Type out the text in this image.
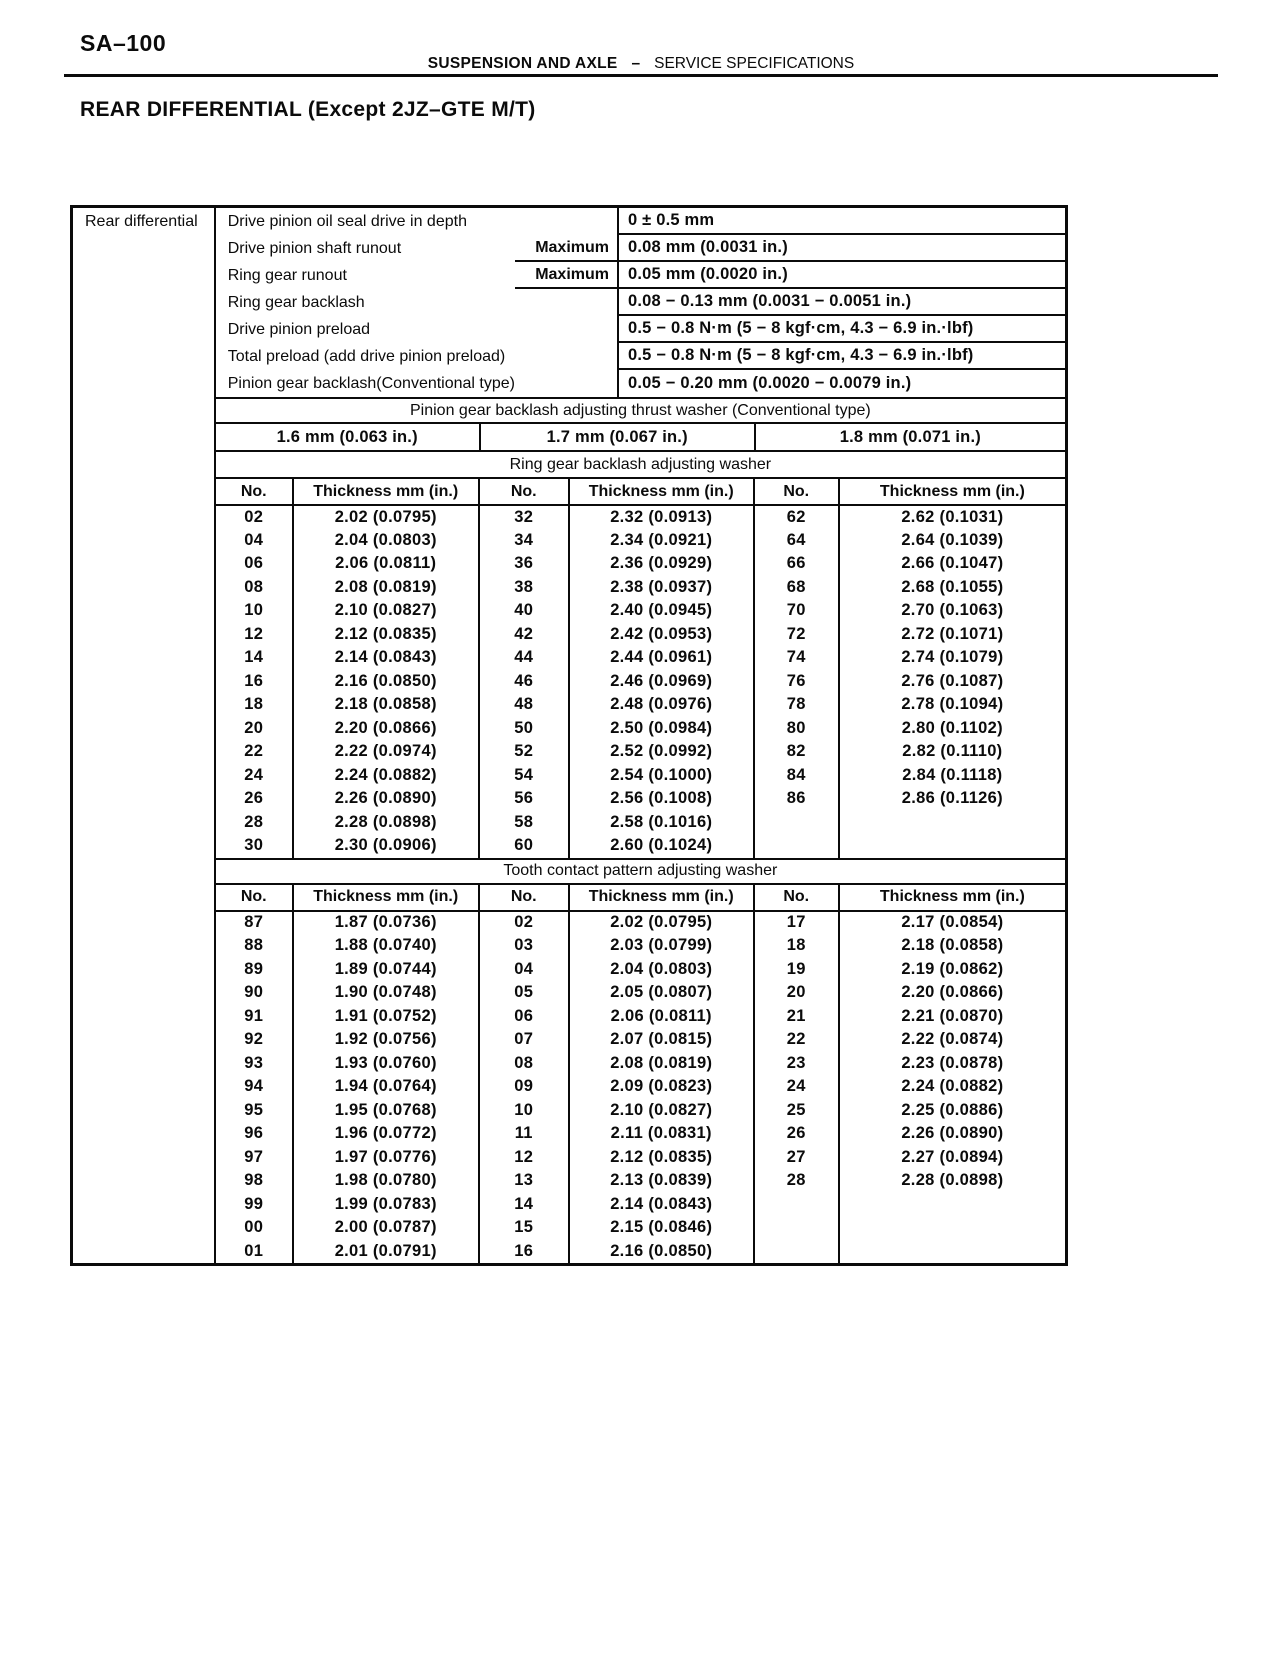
SA–100
SUSPENSION AND AXLE – SERVICE SPECIFICATIONS
REAR DIFFERENTIAL (Except 2JZ–GTE M/T)
Rear differential	Drive pinion oil seal drive in depth	0 ± 0.5 mm
Drive pinion shaft runout	Maximum	0.08 mm (0.0031 in.)
Ring gear runout	Maximum	0.05 mm (0.0020 in.)
Ring gear backlash	0.08 − 0.13 mm (0.0031 − 0.0051 in.)
Drive pinion preload	0.5 − 0.8 N·m (5 − 8 kgf·cm, 4.3 − 6.9 in.·lbf)
Total preload (add drive pinion preload)	0.5 − 0.8 N·m (5 − 8 kgf·cm, 4.3 − 6.9 in.·lbf)
Pinion gear backlash(Conventional type)	0.05 − 0.20 mm (0.0020 − 0.0079 in.)
Pinion gear backlash adjusting thrust washer (Conventional type)
1.6 mm (0.063 in.)	1.7 mm (0.067 in.)	1.8 mm (0.071 in.)
Ring gear backlash adjusting washer
No.	Thickness mm (in.)	No.	Thickness mm (in.)	No.	Thickness mm (in.)
02	2.02 (0.0795)	32	2.32 (0.0913)	62	2.62 (0.1031)
04	2.04 (0.0803)	34	2.34 (0.0921)	64	2.64 (0.1039)
06	2.06 (0.0811)	36	2.36 (0.0929)	66	2.66 (0.1047)
08	2.08 (0.0819)	38	2.38 (0.0937)	68	2.68 (0.1055)
10	2.10 (0.0827)	40	2.40 (0.0945)	70	2.70 (0.1063)
12	2.12 (0.0835)	42	2.42 (0.0953)	72	2.72 (0.1071)
14	2.14 (0.0843)	44	2.44 (0.0961)	74	2.74 (0.1079)
16	2.16 (0.0850)	46	2.46 (0.0969)	76	2.76 (0.1087)
18	2.18 (0.0858)	48	2.48 (0.0976)	78	2.78 (0.1094)
20	2.20 (0.0866)	50	2.50 (0.0984)	80	2.80 (0.1102)
22	2.22 (0.0974)	52	2.52 (0.0992)	82	2.82 (0.1110)
24	2.24 (0.0882)	54	2.54 (0.1000)	84	2.84 (0.1118)
26	2.26 (0.0890)	56	2.56 (0.1008)	86	2.86 (0.1126)
28	2.28 (0.0898)	58	2.58 (0.1016)		
30	2.30 (0.0906)	60	2.60 (0.1024)		
Tooth contact pattern adjusting washer
No.	Thickness mm (in.)	No.	Thickness mm (in.)	No.	Thickness mm (in.)
87	1.87 (0.0736)	02	2.02 (0.0795)	17	2.17 (0.0854)
88	1.88 (0.0740)	03	2.03 (0.0799)	18	2.18 (0.0858)
89	1.89 (0.0744)	04	2.04 (0.0803)	19	2.19 (0.0862)
90	1.90 (0.0748)	05	2.05 (0.0807)	20	2.20 (0.0866)
91	1.91 (0.0752)	06	2.06 (0.0811)	21	2.21 (0.0870)
92	1.92 (0.0756)	07	2.07 (0.0815)	22	2.22 (0.0874)
93	1.93 (0.0760)	08	2.08 (0.0819)	23	2.23 (0.0878)
94	1.94 (0.0764)	09	2.09 (0.0823)	24	2.24 (0.0882)
95	1.95 (0.0768)	10	2.10 (0.0827)	25	2.25 (0.0886)
96	1.96 (0.0772)	11	2.11 (0.0831)	26	2.26 (0.0890)
97	1.97 (0.0776)	12	2.12 (0.0835)	27	2.27 (0.0894)
98	1.98 (0.0780)	13	2.13 (0.0839)	28	2.28 (0.0898)
99	1.99 (0.0783)	14	2.14 (0.0843)		
00	2.00 (0.0787)	15	2.15 (0.0846)		
01	2.01 (0.0791)	16	2.16 (0.0850)		
